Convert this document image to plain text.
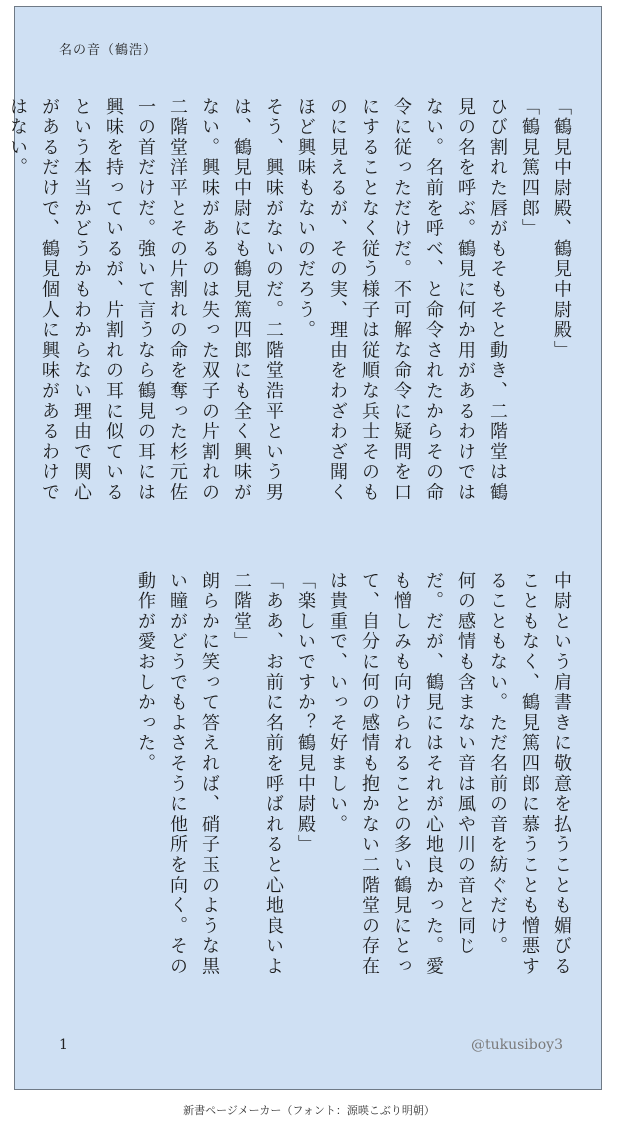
名の音（鶴浩）

「鶴見中尉殿、鶴見中尉殿」

「鶴見篤四郎」

ひび割れた唇がもそもそと動き、二階堂は鶴見の名を呼ぶ。鶴見に何か用があるわけではない。名前を呼べ、と命令されたからその命令に従っただけだ。不可解な命令に疑問を口にすることなく従う様子は従順な兵士そのものに見えるが、その実、理由をわざわざ聞くほど興味もないのだろう。

そう、興味がないのだ。二階堂浩平という男は、鶴見中尉にも鶴見篤四郎にも全く興味がない。興味があるのは失った双子の片割れの二階堂洋平とその片割れの命を奪った杉元佐一の首だけだ。強いて言うなら鶴見の耳には興味を持っているが、片割れの耳に似ているという本当かどうかもわからない理由で関心があるだけで、鶴見個人に興味があるわけではない。

中尉という肩書きに敬意を払うことも媚びることもなく、鶴見篤四郎に慕うことも憎悪することもない。ただ名前の音を紡ぐだけ。

何の感情も含まない音は風や川の音と同じだ。だが、鶴見にはそれが心地良かった。愛も憎しみも向けられることの多い鶴見にとって、自分に何の感情も抱かない二階堂の存在は貴重で、いっそ好ましい。

「楽しいですか？鶴見中尉殿」

「ああ、お前に名前を呼ばれると心地良いよ二階堂」

朗らかに笑って答えれば、硝子玉のような黒い瞳がどうでもよさそうに他所を向く。その動作が愛おしかった。

1	@tukusiboy3
新書ページメーカー（フォント：源暎こぶり明朝）
